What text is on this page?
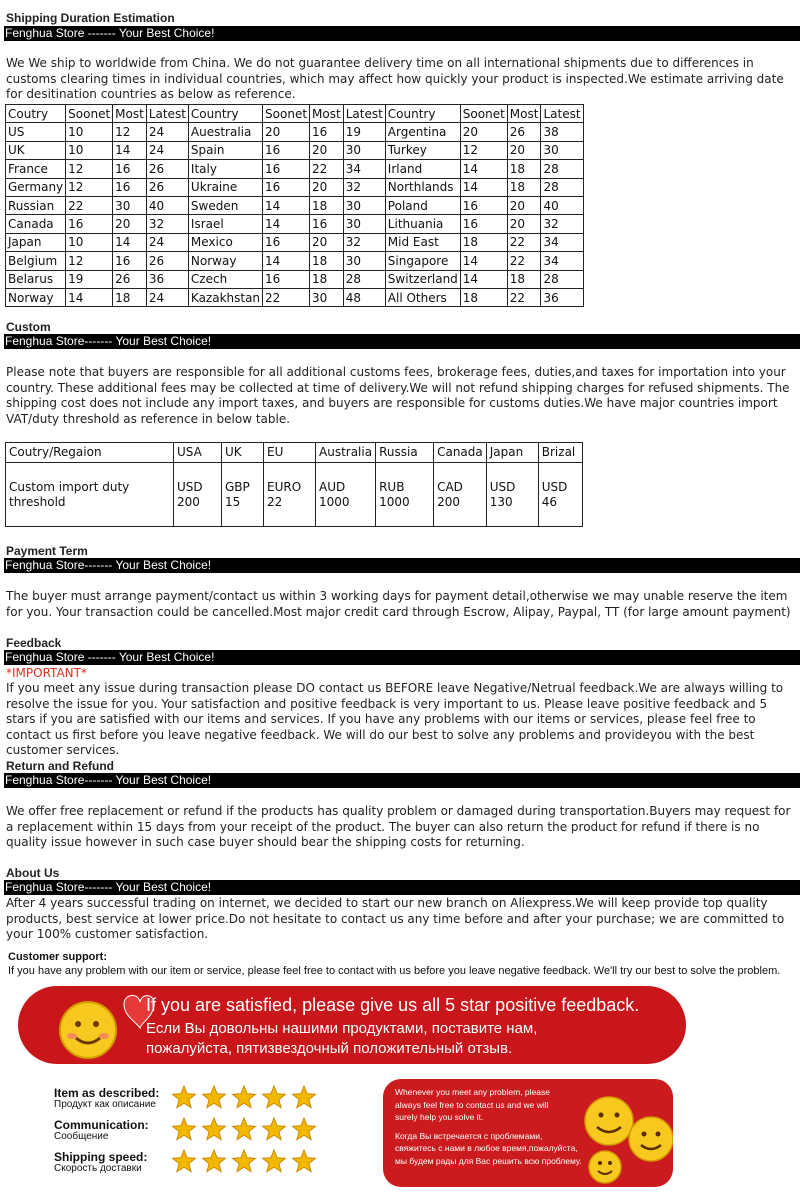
Shipping Duration Estimation
Fenghua Store ------- Your Best Choice!
We We ship to worldwide from China. We do not guarantee delivery time on all international shipments due to differences in customs clearing times in individual countries, which may affect how quickly your product is inspected.We estimate arriving date for desitination countries as below as reference.
Coutry	Soonet	Most	Latest	Country	Soonet	Most	Latest	Country	Soonet	Most	Latest
US	10	12	24	Auestralia	20	16	19	Argentina	20	26	38
UK	10	14	24	Spain	16	20	30	Turkey	12	20	30
France	12	16	26	Italy	16	22	34	Irland	14	18	28
Germany	12	16	26	Ukraine	16	20	32	Northlands	14	18	28
Russian	22	30	40	Sweden	14	18	30	Poland	16	20	40
Canada	16	20	32	Israel	14	16	30	Lithuania	16	20	32
Japan	10	14	24	Mexico	16	20	32	Mid East	18	22	34
Belgium	12	16	26	Norway	14	18	30	Singapore	14	22	34
Belarus	19	26	36	Czech	16	18	28	Switzerland	14	18	28
Norway	14	18	24	Kazakhstan	22	30	48	All Others	18	22	36
Custom
Fenghua Store------- Your Best Choice!
Please note that buyers are responsible for all additional customs fees, brokerage fees, duties,and taxes for importation into your country. These additional fees may be collected at time of delivery.We will not refund shipping charges for refused shipments. The shipping cost does not include any import taxes, and buyers are responsible for customs duties.We have major countries import VAT/duty threshold as reference in below table.
Coutry/Regaion	USA	UK	EU	Australia	Russia	Canada	Japan	Brizal
Custom import duty threshold	USD 200	GBP 15	EURO 22	AUD 1000	RUB 1000	CAD 200	USD 130	USD 46
Payment Term
Fenghua Store------- Your Best Choice!
The buyer must arrange payment/contact us within 3 working days for payment detail,otherwise we may unable reserve the item for you. Your transaction could be cancelled.Most major credit card through Escrow, Alipay, Paypal, TT (for large amount payment)
Feedback
Fenghua Store ------- Your Best Choice!
*IMPORTANT*
If you meet any issue during transaction please DO contact us BEFORE leave Negative/Netrual feedback.We are always willing to resolve the issue for you. Your satisfaction and positive feedback is very important to us. Please leave positive feedback and 5 stars if you are satisfied with our items and services. If you have any problems with our items or services, please feel free to contact us first before you leave negative feedback. We will do our best to solve any problems and provideyou with the best customer services.
Return and Refund
Fenghua Store------- Your Best Choice!
We offer free replacement or refund if the products has quality problem or damaged during transportation.Buyers may request for a replacement within 15 days from your receipt of the product. The buyer can also return the product for refund if there is no quality issue however in such case buyer should bear the shipping costs for returning.
About Us
Fenghua Store------- Your Best Choice!
After 4 years successful trading on internet, we decided to start our new branch on Aliexpress.We will keep provide top quality products, best service at lower price.Do not hesitate to contact us any time before and after your purchase; we are committed to your 100% customer satisfaction.
Customer support:
If you have any problem with our item or service, please feel free to contact with us before you leave negative feedback. We'll try our best to solve the problem.
If you are satisfied, please give us all 5 star positive feedback.
Если Вы довольны нашими продуктами, поставите нам,
пожалуйста, пятизвездочный положительный отзыв.
Item as described:
Продукт как описание
Communication:
Сообщение
Shipping speed:
Скорость доставки
Whenever you meet any problem, please
always feel free to contact us and we will
surely help you solve it.
Когда Вы встречается с проблемами,
свяжитесь с нами в любое время,пожалуйста,
мы будем рады для Вас решить всю проблему.
